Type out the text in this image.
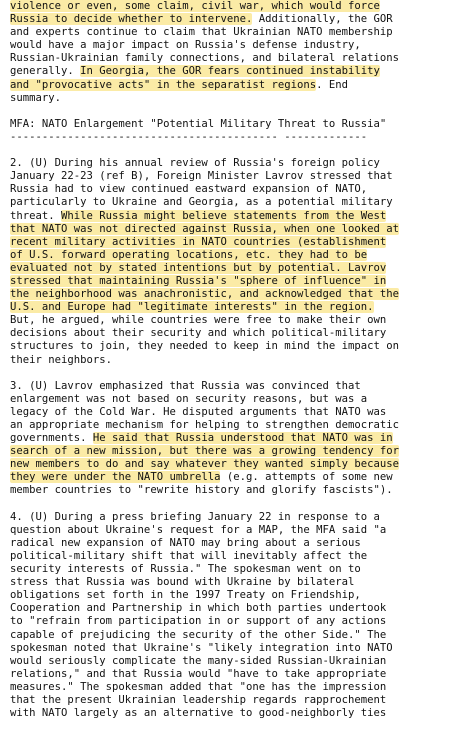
violence or even, some claim, civil war, which would force
Russia to decide whether to intervene. Additionally, the GOR
and experts continue to claim that Ukrainian NATO membership
would have a major impact on Russia's defense industry,
Russian-Ukrainian family connections, and bilateral relations
generally. In Georgia, the GOR fears continued instability
and "provocative acts" in the separatist regions. End
summary.
MFA: NATO Enlargement "Potential Military Threat to Russia"
------------------------------------------ -------------
2. (U) During his annual review of Russia's foreign policy
January 22-23 (ref B), Foreign Minister Lavrov stressed that
Russia had to view continued eastward expansion of NATO,
particularly to Ukraine and Georgia, as a potential military
threat. While Russia might believe statements from the West
that NATO was not directed against Russia, when one looked at
recent military activities in NATO countries (establishment
of U.S. forward operating locations, etc. they had to be
evaluated not by stated intentions but by potential. Lavrov
stressed that maintaining Russia's "sphere of influence" in
the neighborhood was anachronistic, and acknowledged that the
U.S. and Europe had "legitimate interests" in the region.
But, he argued, while countries were free to make their own
decisions about their security and which political-military
structures to join, they needed to keep in mind the impact on
their neighbors.
3. (U) Lavrov emphasized that Russia was convinced that
enlargement was not based on security reasons, but was a
legacy of the Cold War. He disputed arguments that NATO was
an appropriate mechanism for helping to strengthen democratic
governments. He said that Russia understood that NATO was in
search of a new mission, but there was a growing tendency for
new members to do and say whatever they wanted simply because
they were under the NATO umbrella (e.g. attempts of some new
member countries to "rewrite history and glorify fascists").
4. (U) During a press briefing January 22 in response to a
question about Ukraine's request for a MAP, the MFA said "a
radical new expansion of NATO may bring about a serious
political-military shift that will inevitably affect the
security interests of Russia." The spokesman went on to
stress that Russia was bound with Ukraine by bilateral
obligations set forth in the 1997 Treaty on Friendship,
Cooperation and Partnership in which both parties undertook
to "refrain from participation in or support of any actions
capable of prejudicing the security of the other Side." The
spokesman noted that Ukraine's "likely integration into NATO
would seriously complicate the many-sided Russian-Ukrainian
relations," and that Russia would "have to take appropriate
measures." The spokesman added that "one has the impression
that the present Ukrainian leadership regards rapprochement
with NATO largely as an alternative to good-neighborly ties
